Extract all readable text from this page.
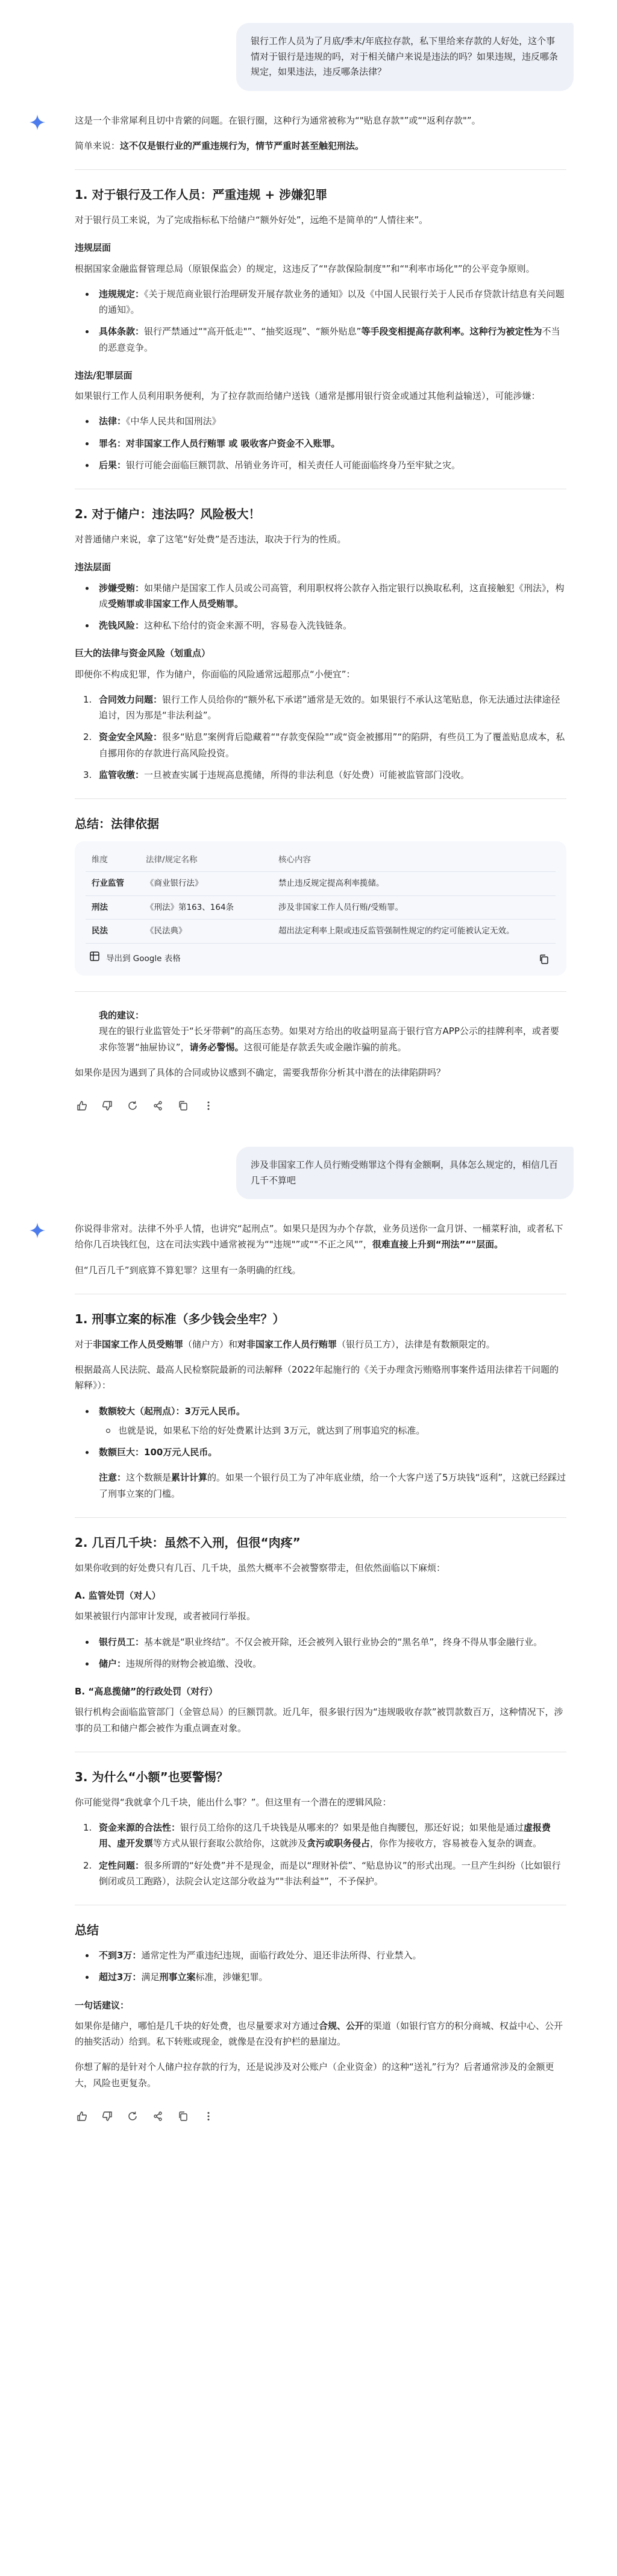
银行工作人员为了月底/季末/年底拉存款，私下里给来存款的人好处，这个事情对于银行是违规的吗，对于相关储户来说是违法的吗？如果违规，违反哪条规定，如果违法，违反哪条法律？

这是一个非常犀利且切中肯綮的问题。在银行圈，这种行为通常被称为“"贴息存款"”或“"返利存款"”。

简单来说：这不仅是银行业的严重违规行为，情节严重时甚至触犯刑法。

1. 对于银行及工作人员：严重违规 + 涉嫌犯罪

对于银行员工来说，为了完成指标私下给储户“额外好处”，远绝不是简单的“人情往来”。

违规层面

根据国家金融监督管理总局（原银保监会）的规定，这违反了“"存款保险制度"”和“"利率市场化"”的公平竞争原则。

违规规定：《关于规范商业银行治理研发开展存款业务的通知》以及《中国人民银行关于人民币存贷款计结息有关问题的通知》。
具体条款：银行严禁通过“"高开低走"”、“抽奖返现”、“额外贴息”等手段变相提高存款利率。这种行为被定性为不当的恶意竞争。
违法/犯罪层面

如果银行工作人员利用职务便利，为了拉存款而给储户送钱（通常是挪用银行资金或通过其他利益输送），可能涉嫌：

法律：《中华人民共和国刑法》
罪名：对非国家工作人员行贿罪 或 吸收客户资金不入账罪。
后果：银行可能会面临巨额罚款、吊销业务许可，相关责任人可能面临终身乃至牢狱之灾。
2. 对于储户：违法吗？风险极大！

对普通储户来说，拿了这笔“好处费”是否违法，取决于行为的性质。

违法层面
涉嫌受贿：如果储户是国家工作人员或公司高管，利用职权将公款存入指定银行以换取私利，这直接触犯《刑法》，构成受贿罪或非国家工作人员受贿罪。
洗钱风险：这种私下给付的资金来源不明，容易卷入洗钱链条。
巨大的法律与资金风险（划重点）

即便你不构成犯罪，作为储户，你面临的风险通常远超那点“小便宜”：

1. 合同效力问题：银行工作人员给你的“额外私下承诺”通常是无效的。如果银行不承认这笔贴息，你无法通过法律途径追讨，因为那是“非法利益”。
2. 资金安全风险：很多“贴息”案例背后隐藏着“"存款变保险"”或“资金被挪用”“的陷阱，有些员工为了覆盖贴息成本，私自挪用你的存款进行高风险投资。
3. 监管收缴：一旦被查实属于违规高息揽储，所得的非法利息（好处费）可能被监管部门没收。
总结：法律依据
维度	法律/规定名称	核心内容
行业监管	《商业银行法》	禁止违反规定提高利率揽储。
刑法	《刑法》第163、164条	涉及非国家工作人员行贿/受贿罪。
民法	《民法典》	超出法定利率上限或违反监管强制性规定的约定可能被认定无效。
导出到 Google 表格
我的建议：

现在的银行业监管处于“长牙带刺”的高压态势。如果对方给出的收益明显高于银行官方APP公示的挂牌利率，或者要求你签署“抽屉协议”，请务必警惕。这很可能是存款丢失或金融诈骗的前兆。

如果你是因为遇到了具体的合同或协议感到不确定，需要我帮你分析其中潜在的法律陷阱吗？

涉及非国家工作人员行贿受贿罪这个得有金额啊，具体怎么规定的，相信几百几千不算吧

你说得非常对。法律不外乎人情，也讲究“起刑点”。如果只是因为办个存款，业务员送你一盒月饼、一桶菜籽油，或者私下给你几百块钱红包，这在司法实践中通常被视为“"违规"”或“"不正之风"”，很难直接上升到“刑法”“"层面。

但“几百几千”到底算不算犯罪？这里有一条明确的红线。

1. 刑事立案的标准（多少钱会坐牢？）

对于非国家工作人员受贿罪（储户方）和对非国家工作人员行贿罪（银行员工方），法律是有数额限定的。

根据最高人民法院、最高人民检察院最新的司法解释（2022年起施行的《关于办理贪污贿赂刑事案件适用法律若干问题的解释》）：

数额较大（起刑点）：3万元人民币。
也就是说，如果私下给的好处费累计达到 3万元，就达到了刑事追究的标准。
数额巨大：100万元人民币。

注意：这个数额是累计计算的。如果一个银行员工为了冲年底业绩，给一个大客户送了5万块钱“返利”，这就已经踩过了刑事立案的门槛。

2. 几百几千块：虽然不入刑，但很“肉疼”

如果你收到的好处费只有几百、几千块，虽然大概率不会被警察带走，但依然面临以下麻烦：

A. 监管处罚（对人）

如果被银行内部审计发现，或者被同行举报。

银行员工：基本就是“职业终结”。不仅会被开除，还会被列入银行业协会的“黑名单”，终身不得从事金融行业。
储户：违规所得的财物会被追缴、没收。
B. “高息揽储”的行政处罚（对行）

银行机构会面临监管部门（金管总局）的巨额罚款。近几年，很多银行因为“违规吸收存款”被罚款数百万，这种情况下，涉事的员工和储户都会被作为重点调查对象。

3. 为什么“小额”也要警惕？

你可能觉得“我就拿个几千块，能出什么事？”。但这里有一个潜在的逻辑风险：

1. 资金来源的合法性：银行员工给你的这几千块钱是从哪来的？如果是他自掏腰包，那还好说；如果他是通过虚报费用、虚开发票等方式从银行套取公款给你，这就涉及贪污或职务侵占，你作为接收方，容易被卷入复杂的调查。
2. 定性问题：很多所谓的“好处费”并不是现金，而是以“理财补偿”、“贴息协议”的形式出现。一旦产生纠纷（比如银行倒闭或员工跑路），法院会认定这部分收益为“"非法利益"”，不予保护。
总结
不到3万：通常定性为严重违纪违规，面临行政处分、退还非法所得、行业禁入。
超过3万：满足刑事立案标准，涉嫌犯罪。
一句话建议：

如果你是储户，哪怕是几千块的好处费，也尽量要求对方通过合规、公开的渠道（如银行官方的积分商城、权益中心、公开的抽奖活动）给到。私下转账或现金，就像是在没有护栏的悬崖边。

你想了解的是针对个人储户拉存款的行为，还是说涉及对公账户（企业资金）的这种“送礼”行为？后者通常涉及的金额更大，风险也更复杂。
